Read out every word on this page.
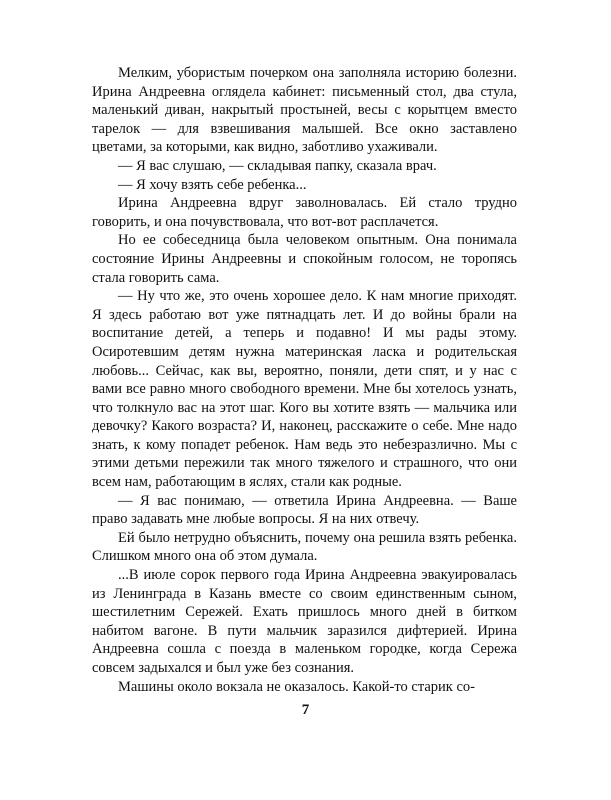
Мелким, убористым почерком она заполняла историю болезни. Ирина Андреевна оглядела кабинет: письменный стол, два стула, маленький диван, накрытый простыней, весы с корытцем вместо тарелок — для взвешивания малышей. Все окно заставлено цветами, за которыми, как видно, заботливо ухаживали.

— Я вас слушаю, — складывая папку, сказала врач.

— Я хочу взять себе ребенка...

Ирина Андреевна вдруг заволновалась. Ей стало трудно говорить, и она почувствовала, что вот-вот расплачется.

Но ее собеседница была человеком опытным. Она понимала состояние Ирины Андреевны и спокойным голосом, не торопясь стала говорить сама.

— Ну что же, это очень хорошее дело. К нам многие приходят. Я здесь работаю вот уже пятнадцать лет. И до войны брали на воспитание детей, а теперь и подавно! И мы рады этому. Осиротевшим детям нужна материнская ласка и родительская любовь... Сейчас, как вы, вероятно, поняли, дети спят, и у нас с вами все равно много свободного времени. Мне бы хотелось узнать, что толкнуло вас на этот шаг. Кого вы хотите взять — мальчика или девочку? Какого возраста? И, наконец, расскажите о себе. Мне надо знать, к кому попадет ребенок. Нам ведь это небезразлично. Мы с этими детьми пережили так много тяжелого и страшного, что они всем нам, работающим в яслях, стали как родные.

— Я вас понимаю, — ответила Ирина Андреевна. — Ваше право задавать мне любые вопросы. Я на них отвечу.

Ей было нетрудно объяснить, почему она решила взять ребенка. Слишком много она об этом думала.

...В июле сорок первого года Ирина Андреевна эвакуировалась из Ленинграда в Казань вместе со своим единственным сыном, шестилетним Сережей. Ехать пришлось много дней в битком набитом вагоне. В пути мальчик заразился дифтерией. Ирина Андреевна сошла с поезда в маленьком городке, когда Сережа совсем задыхался и был уже без сознания.

Машины около вокзала не оказалось. Какой-то старик со-

7
